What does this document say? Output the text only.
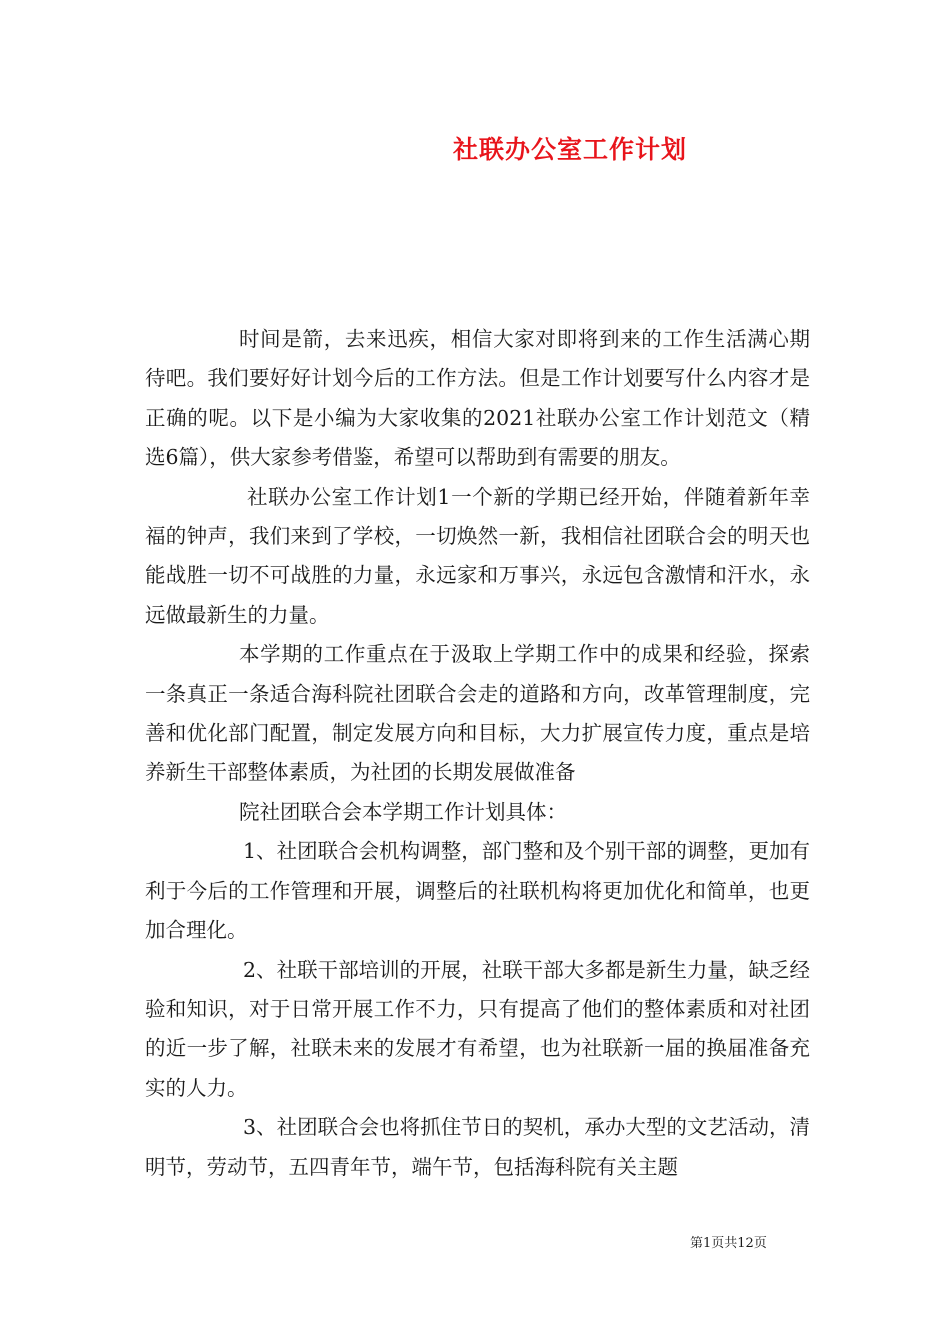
社联办公室工作计划

时间是箭，去来迅疾，相信大家对即将到来的工作生活满心期待吧。我们要好好计划今后的工作方法。但是工作计划要写什么内容才是正确的呢。以下是小编为大家收集的2021社联办公室工作计划范文（精选6篇），供大家参考借鉴，希望可以帮助到有需要的朋友。

社联办公室工作计划1一个新的学期已经开始，伴随着新年幸福的钟声，我们来到了学校，一切焕然一新，我相信社团联合会的明天也能战胜一切不可战胜的力量，永远家和万事兴，永远包含激情和汗水，永远做最新生的力量。

本学期的工作重点在于汲取上学期工作中的成果和经验，探索一条真正一条适合海科院社团联合会走的道路和方向，改革管理制度，完善和优化部门配置，制定发展方向和目标，大力扩展宣传力度，重点是培养新生干部整体素质，为社团的长期发展做准备

院社团联合会本学期工作计划具体：

1、社团联合会机构调整，部门整和及个别干部的调整，更加有利于今后的工作管理和开展，调整后的社联机构将更加优化和简单，也更加合理化。

2、社联干部培训的开展，社联干部大多都是新生力量，缺乏经验和知识，对于日常开展工作不力，只有提高了他们的整体素质和对社团的近一步了解，社联未来的发展才有希望，也为社联新一届的换届准备充实的人力。

3、社团联合会也将抓住节日的契机，承办大型的文艺活动，清明节，劳动节，五四青年节，端午节，包括海科院有关主题

第1页共12页
